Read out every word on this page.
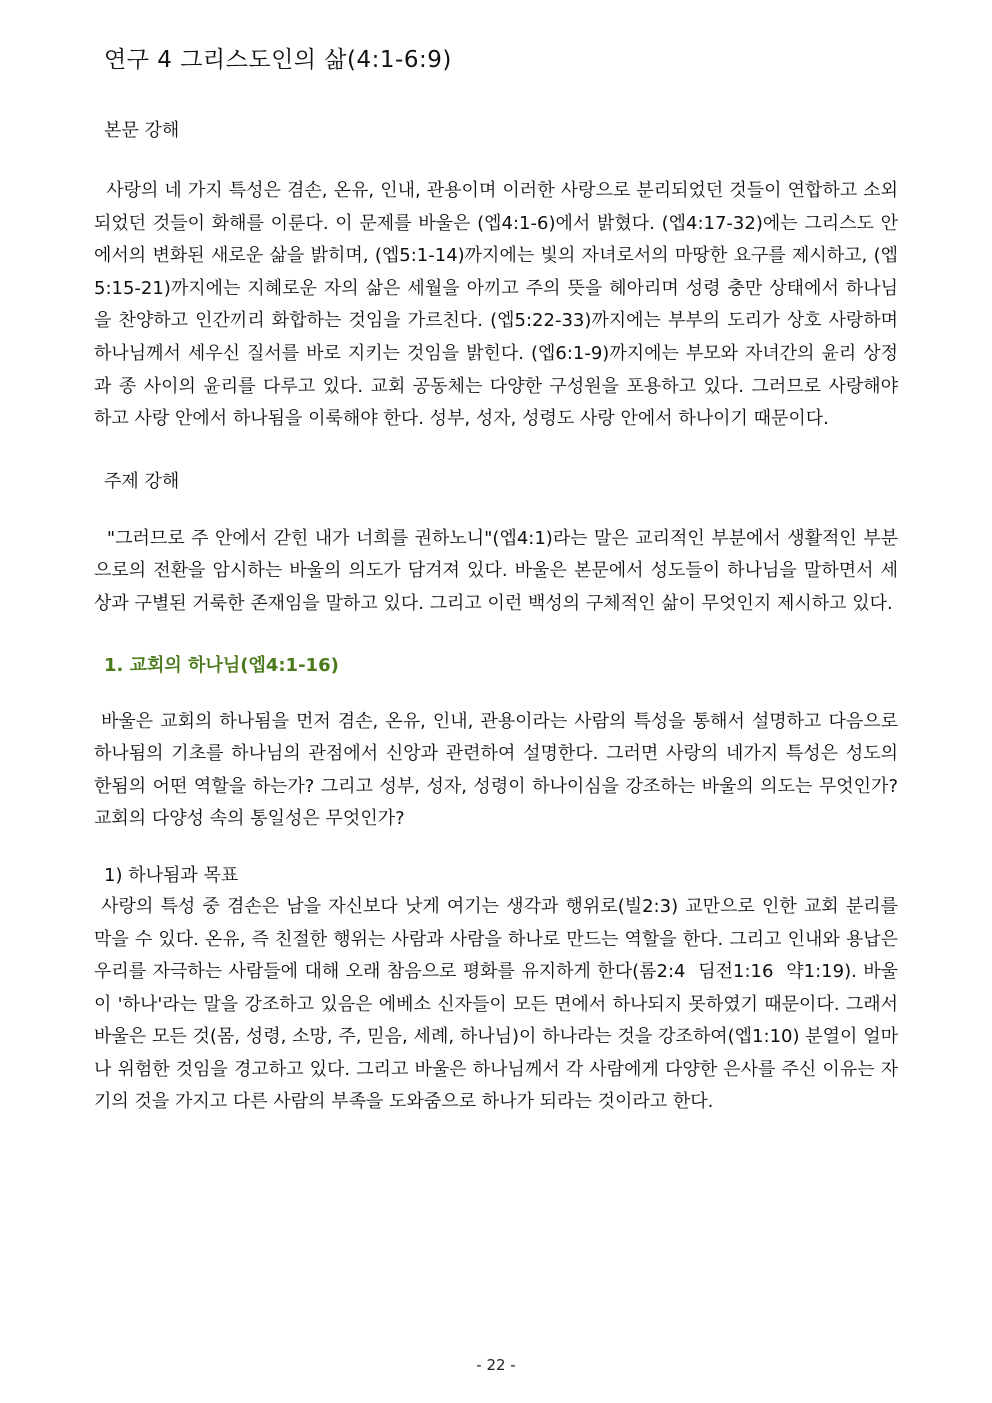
연구 4 그리스도인의 삶(4:1-6:9)
본문 강해

사랑의 네 가지 특성은 겸손, 온유, 인내, 관용이며 이러한 사랑으로 분리되었던 것들이 연합하고 소외되었던 것들이 화해를 이룬다. 이 문제를 바울은 (엡4:1-6)에서 밝혔다. (엡4:17-32)에는 그리스도 안에서의 변화된 새로운 삶을 밝히며, (엡5:1-14)까지에는 빛의 자녀로서의 마땅한 요구를 제시하고, (엡5:15-21)까지에는 지혜로운 자의 삶은 세월을 아끼고 주의 뜻을 헤아리며 성령 충만 상태에서 하나님을 찬양하고 인간끼리 화합하는 것임을 가르친다. (엡5:22-33)까지에는 부부의 도리가 상호 사랑하며 하나님께서 세우신 질서를 바로 지키는 것임을 밝힌다. (엡6:1-9)까지에는 부모와 자녀간의 윤리 상정과 종 사이의 윤리를 다루고 있다. 교회 공동체는 다양한 구성원을 포용하고 있다. 그러므로 사랑해야 하고 사랑 안에서 하나됨을 이룩해야 한다. 성부, 성자, 성령도 사랑 안에서 하나이기 때문이다.

주제 강해

"그러므로 주 안에서 갇힌 내가 너희를 권하노니"(엡4:1)라는 말은 교리적인 부분에서 생활적인 부분으로의 전환을 암시하는 바울의 의도가 담겨져 있다. 바울은 본문에서 성도들이 하나님을 말하면서 세상과 구별된 거룩한 존재임을 말하고 있다. 그리고 이런 백성의 구체적인 삶이 무엇인지 제시하고 있다.

1. 교회의 하나님(엡4:1-16)

바울은 교회의 하나됨을 먼저 겸손, 온유, 인내, 관용이라는 사람의 특성을 통해서 설명하고 다음으로 하나됨의 기초를 하나님의 관점에서 신앙과 관련하여 설명한다. 그러면 사랑의 네가지 특성은 성도의 한됨의 어떤 역할을 하는가? 그리고 성부, 성자, 성령이 하나이심을 강조하는 바울의 의도는 무엇인가? 교회의 다양성 속의 통일성은 무엇인가?

1) 하나됨과 목표

사랑의 특성 중 겸손은 남을 자신보다 낫게 여기는 생각과 행위로(빌2:3) 교만으로 인한 교회 분리를 막을 수 있다. 온유, 즉 친절한 행위는 사람과 사람을 하나로 만드는 역할을 한다. 그리고 인내와 용납은 우리를 자극하는 사람들에 대해 오래 참음으로 평화를 유지하게 한다(롬2:4  딤전1:16  약1:19). 바울이 '하나'라는 말을 강조하고 있음은 에베소 신자들이 모든 면에서 하나되지 못하였기 때문이다. 그래서 바울은 모든 것(몸, 성령, 소망, 주, 믿음, 세례, 하나님)이 하나라는 것을 강조하여(엡1:10) 분열이 얼마나 위험한 것임을 경고하고 있다. 그리고 바울은 하나님께서 각 사람에게 다양한 은사를 주신 이유는 자기의 것을 가지고 다른 사람의 부족을 도와줌으로 하나가 되라는 것이라고 한다.

- 22 -
